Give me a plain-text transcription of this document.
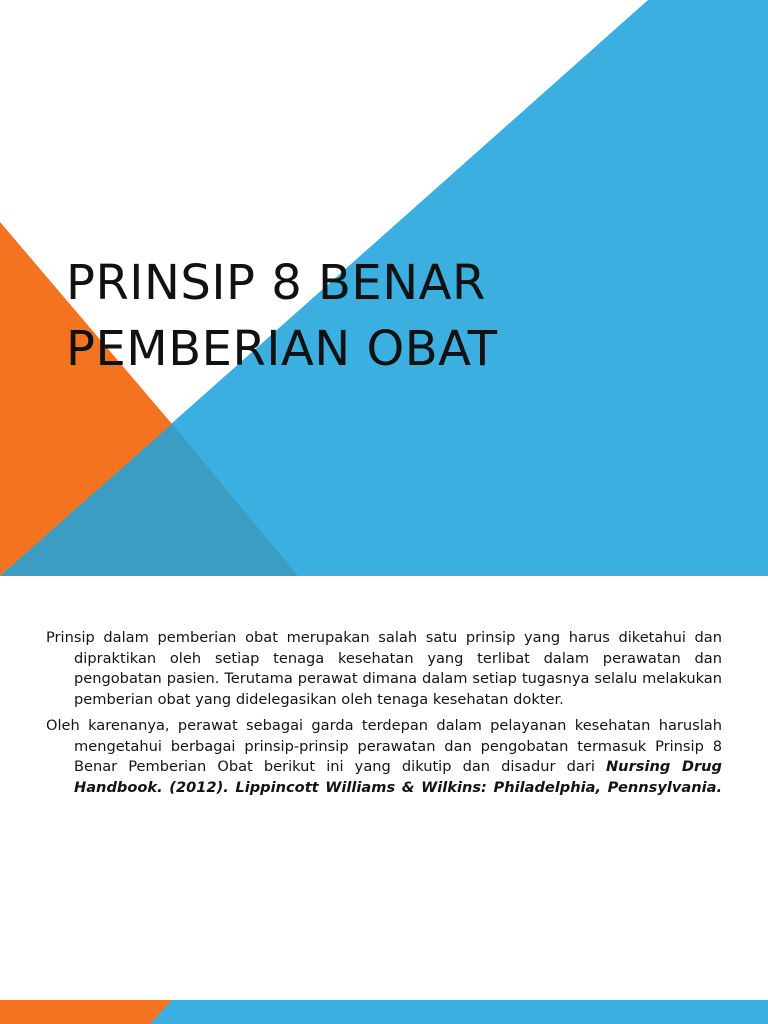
PRINSIP 8 BENAR
PEMBERIAN OBAT

Prinsip dalam pemberian obat merupakan salah satu prinsip yang harus diketahui dan dipraktikan oleh setiap tenaga kesehatan yang terlibat dalam perawatan dan pengobatan pasien. Terutama perawat dimana dalam setiap tugasnya selalu melakukan pemberian obat yang didelegasikan oleh tenaga kesehatan dokter.

Oleh karenanya, perawat sebagai garda terdepan dalam pelayanan kesehatan haruslah mengetahui berbagai prinsip-prinsip perawatan dan pengobatan termasuk Prinsip 8 Benar Pemberian Obat berikut ini yang dikutip dan disadur dari Nursing Drug Handbook. (2012). Lippincott Williams & Wilkins: Philadelphia, Pennsylvania.
